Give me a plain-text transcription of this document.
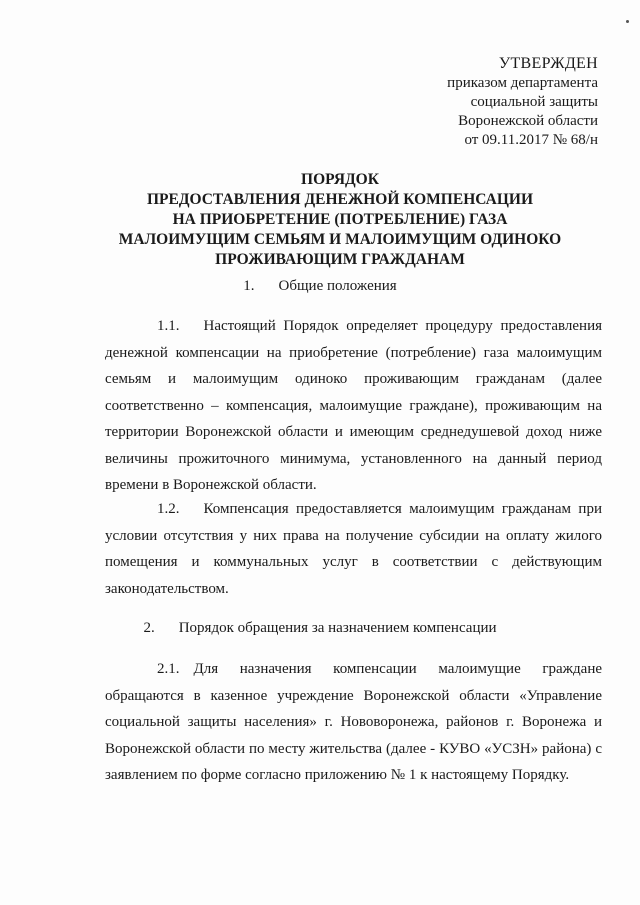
УТВЕРЖДЕН
приказом департамента
социальной защиты
Воронежской области
от 09.11.2017 № 68/н
ПОРЯДОК
ПРЕДОСТАВЛЕНИЯ ДЕНЕЖНОЙ КОМПЕНСАЦИИ
НА ПРИОБРЕТЕНИЕ (ПОТРЕБЛЕНИЕ) ГАЗА
МАЛОИМУЩИМ СЕМЬЯМ И МАЛОИМУЩИМ ОДИНОКО
ПРОЖИВАЮЩИМ ГРАЖДАНАМ
1. Общие положения
1.1. Настоящий Порядок определяет процедуру предоставления денежной компенсации на приобретение (потребление) газа малоимущим семьям и малоимущим одиноко проживающим гражданам (далее соответственно – компенсация, малоимущие граждане), проживающим на территории Воронежской области и имеющим среднедушевой доход ниже величины прожиточного минимума, установленного на данный период времени в Воронежской области.
1.2. Компенсация предоставляется малоимущим гражданам при условии отсутствия у них права на получение субсидии на оплату жилого помещения и коммунальных услуг в соответствии с действующим законодательством.
2. Порядок обращения за назначением компенсации
2.1. Для назначения компенсации малоимущие граждане обращаются в казенное учреждение Воронежской области «Управление социальной защиты населения» г. Нововоронежа, районов г. Воронежа и Воронежской области по месту жительства (далее - КУВО «УСЗН» района) с заявлением по форме согласно приложению № 1 к настоящему Порядку.
